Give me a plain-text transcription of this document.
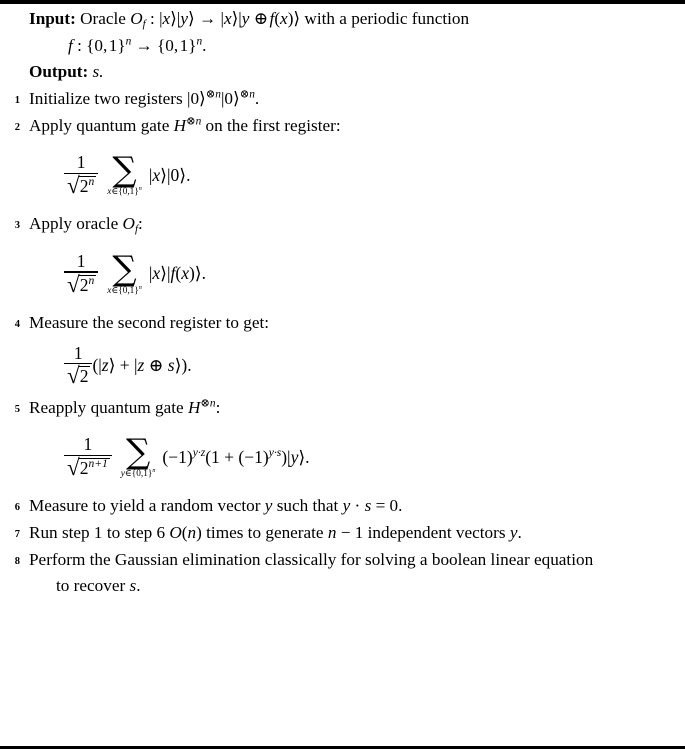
Input: Oracle $O_f$ : |x⟩|y⟩ → |x⟩|y ⊕ f(x)⟩ with a periodic function
f : {0, 1}$^n$ → {0, 1}$^n$.
Output: s.
1 Initialize two registers |0⟩$^{\otimes n}$|0⟩$^{\otimes n}$.
2 Apply quantum gate $H^{\otimes n}$ on the first register:
$\frac{1}{√ 2^n}$ ∑
$x\in\{0,1\}^n$
|x⟩|0⟩.
3 Apply oracle $O_f$:
$\frac{1}{√ 2^n}$ ∑
$x\in\{0,1\}^n$
|x⟩|f(x)⟩.
4 Measure the second register to get:
$\frac{1}{√ 2}$ (|z⟩ + |z ⊕ s⟩).
5 Reapply quantum gate $H^{\otimes n}$:
$\frac{1}{√ 2^{n+1}}$ ∑
$y\in\{0,1\}^n$
$(-1)^{y\cdot z}(1$ + $(-1)^{y\cdot s})|y⟩$.
6 Measure to yield a random vector y such that y · s = 0.
7 Run step 1 to step 6 O(n) times to generate n − 1 independent vectors y.
8 Perform the Gaussian elimination classically for solving a boolean linear equation
to recover s.
